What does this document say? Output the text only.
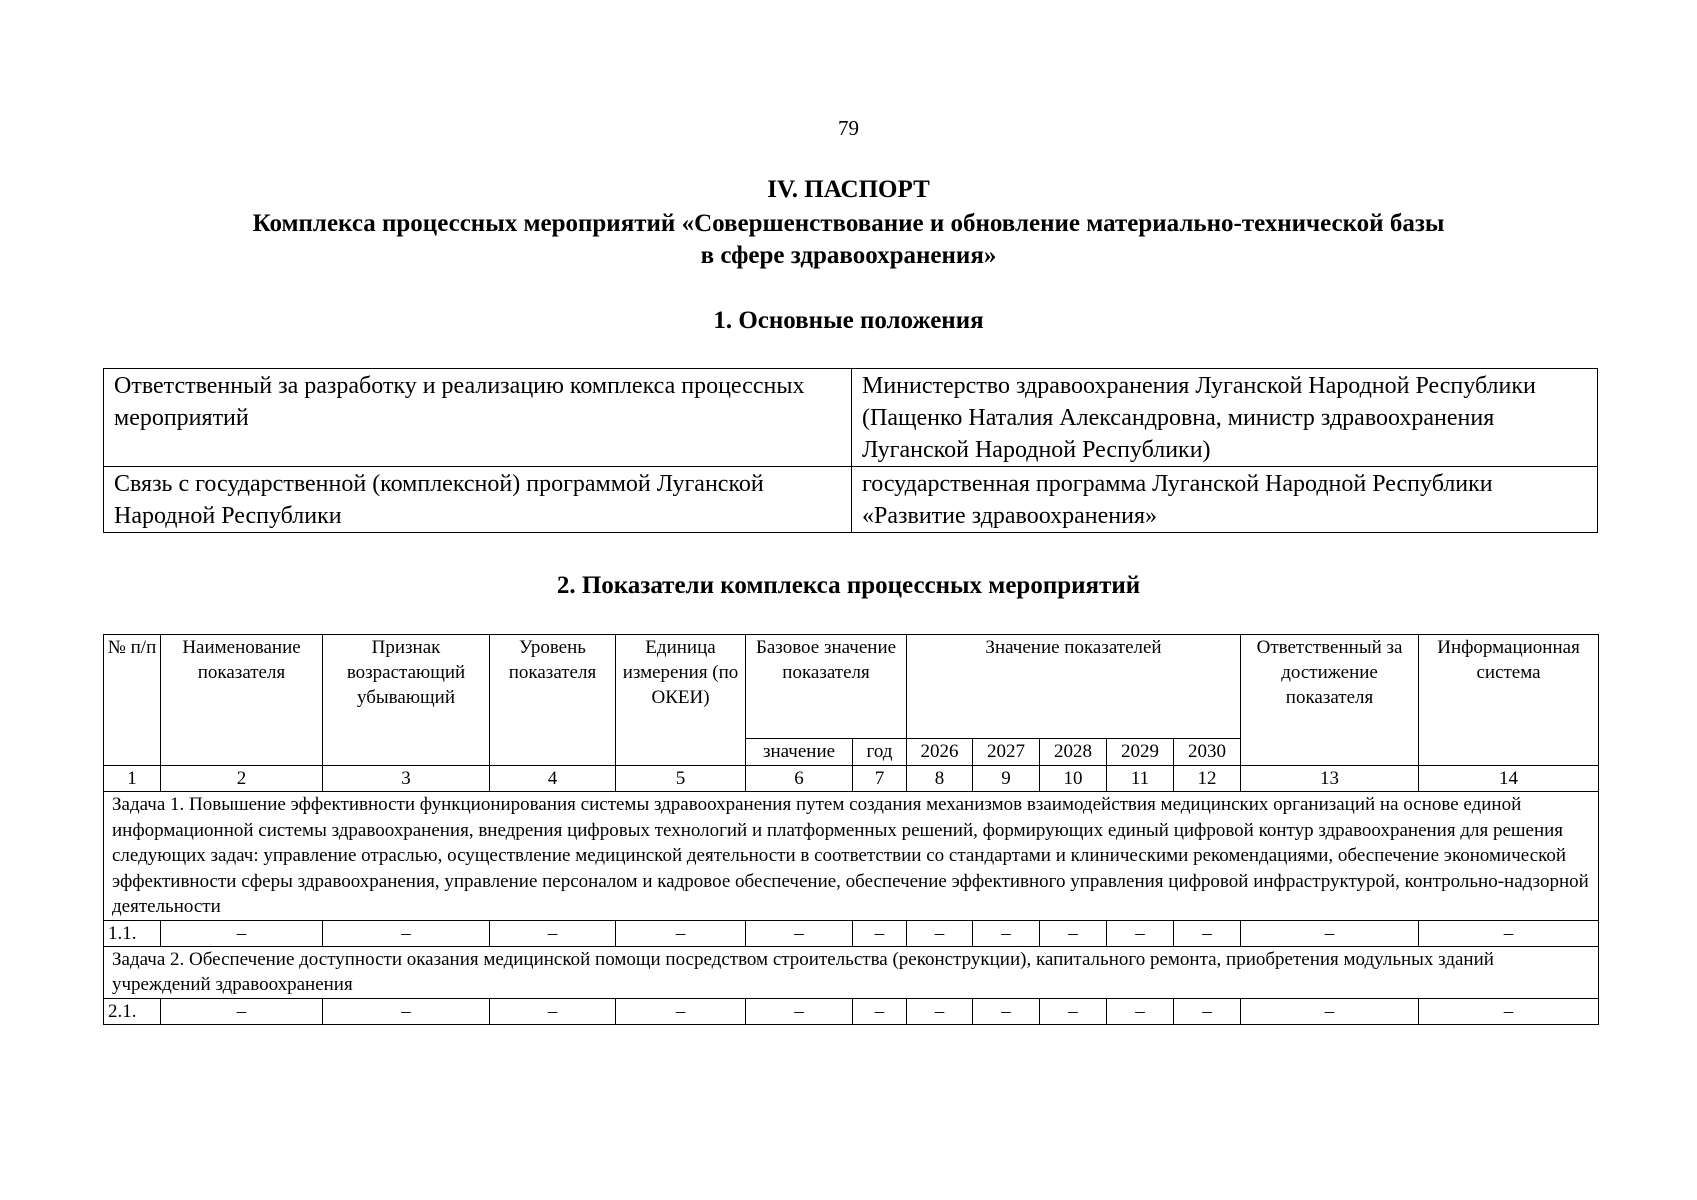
79
IV. ПАСПОРТ
Комплекса процессных мероприятий «Совершенствование и обновление материально-технической базы
в сфере здравоохранения»
1. Основные положения
Ответственный за разработку и реализацию комплекса процессных мероприятий	Министерство здравоохранения Луганской Народной Республики (Пащенко Наталия Александровна, министр здравоохранения Луганской Народной Республики)
Связь с государственной (комплексной) программой Луганской Народной Республики	государственная программа Луганской Народной Республики «Развитие здравоохранения»
2. Показатели комплекса процессных мероприятий
№ п/п	Наименование показателя	Признак возрастающий убывающий	Уровень показателя	Единица измерения (по ОКЕИ)	Базовое значение показателя		Значение показателей					Ответственный за достижение показателя	Информационная система
					значение	год	2026	2027	2028	2029	2030		
1	2	3	4	5	6	7	8	9	10	11	12	13	14
Задача 1. Повышение эффективности функционирования системы здравоохранения путем создания механизмов взаимодействия медицинских организаций на основе единой информационной системы здравоохранения, внедрения цифровых технологий и платформенных решений, формирующих единый цифровой контур здравоохранения для решения следующих задач: управление отраслью, осуществление медицинской деятельности в соответствии со стандартами и клиническими рекомендациями, обеспечение экономической эффективности сферы здравоохранения, управление персоналом и кадровое обеспечение, обеспечение эффективного управления цифровой инфраструктурой, контрольно-надзорной деятельности													
1.1.	–	–	–	–	–	–	–	–	–	–	–	–	–
Задача 2. Обеспечение доступности оказания медицинской помощи посредством строительства (реконструкции), капитального ремонта, приобретения модульных зданий учреждений здравоохранения													
2.1.	–	–	–	–	–	–	–	–	–	–	–	–	–
